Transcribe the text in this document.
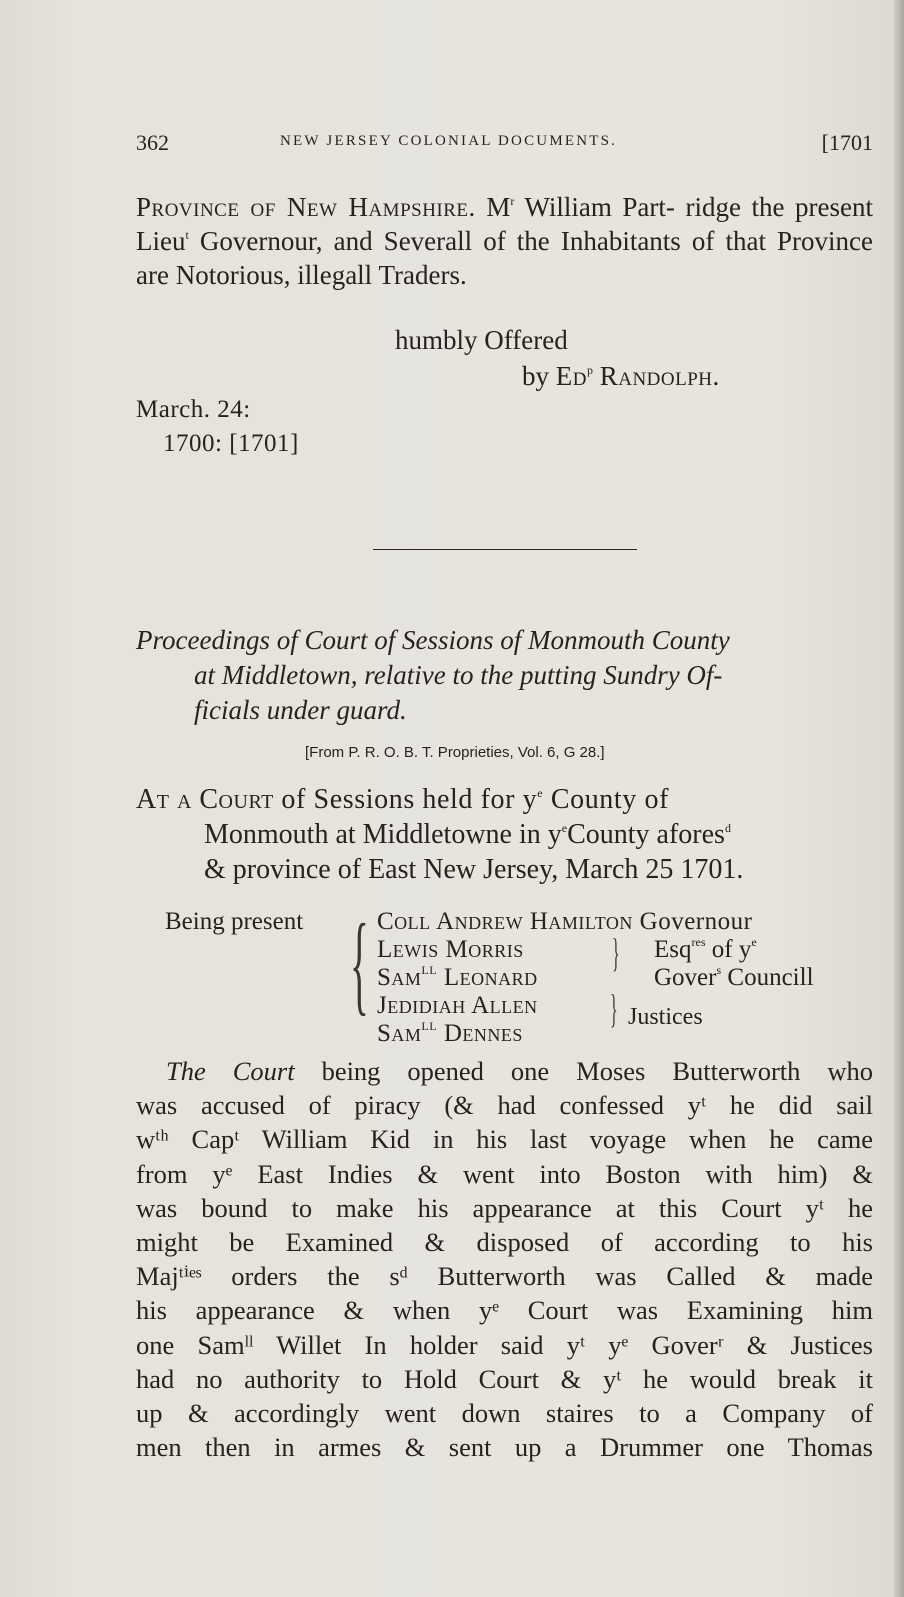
362	NEW JERSEY COLONIAL DOCUMENTS.	[1701
Province of New Hampshire. $M^r$ William Part- ridge the present Lieu$^t$ Governour, and Severall of the Inhabitants of that Province are Notorious, illegall Traders.
humbly Offered
by Ed$^p$ Randolph.
March. 24:
1700: [1701]
Proceedings of Court of Sessions of Monmouth County
at Middletown, relative to the putting Sundry Of-
ficials under guard.
[From P. R. O. B. T. Proprieties, Vol. 6, G 28.]
At a Court of Sessions held for $y^e$ County of
Monmouth at Middletowne in $y^eCounty$ afores$^d$
& province of East New Jersey, March 25 1701.
Being present { Coll Andrew Hamilton Governour
Lewis Morris
Sam$^{LL}$ Leonard
Jedidiah Allen
Sam$^{LL}$ Dennes
}
}
Esq$^{res}$ of $y^e$
Gover$^s$ Councill
Justices
The Court being opened one Moses Butterworth who
was accused of piracy (& had confessed yᵗ he did sail
wᵗʰ Capᵗ William Kid in his last voyage when he came
from yᵉ East Indies & went into Boston with him) &
was bound to make his appearance at this Court yᵗ he
might be Examined & disposed of according to his
Majᵗⁱᵉˢ orders the sᵈ Butterworth was Called & made
his appearance & when yᵉ Court was Examining him
one Samˡˡ Willet In holder said yᵗ yᵉ Goverʳ & Justices
had no authority to Hold Court & yᵗ he would break it
up & accordingly went down staires to a Company of
men then in armes & sent up a Drummer one Thomas
